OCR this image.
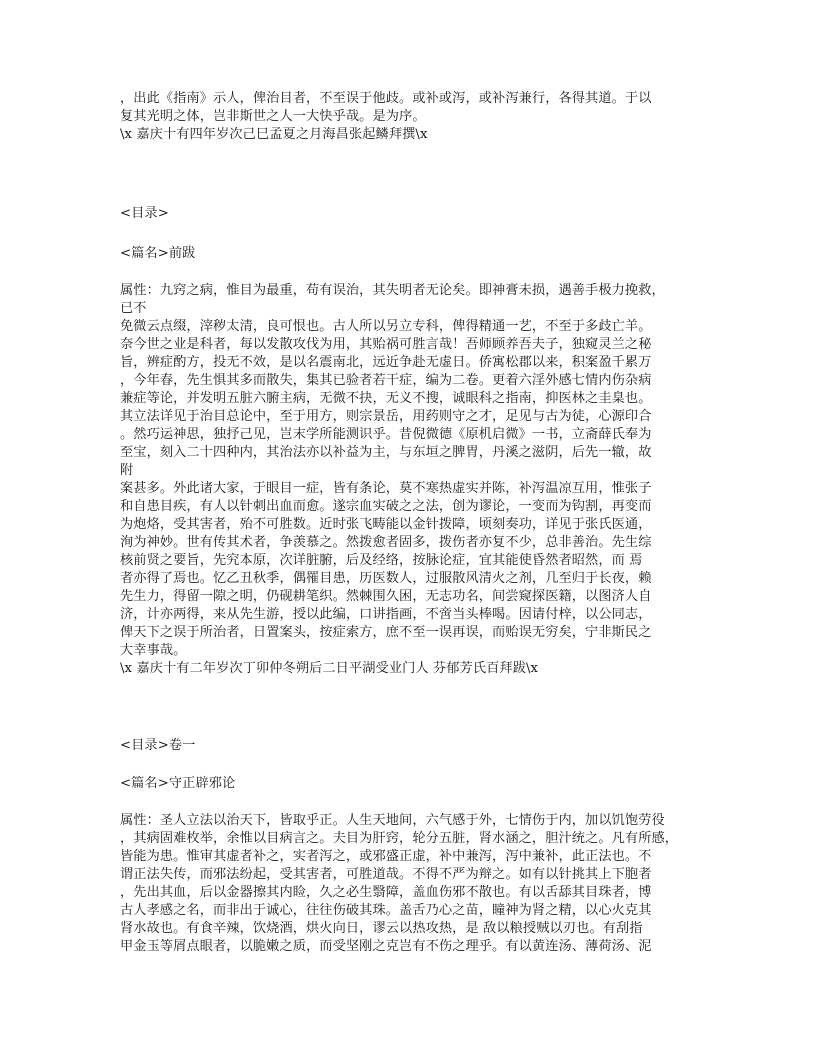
，出此《指南》示人，俾治目者，不至误于他歧。或补或泻，或补泻兼行，各得其道。于以
复其光明之体，岂非斯世之人一大快乎哉。是为序。
\x 嘉庆十有四年岁次己巳孟夏之月海昌张起鳞拜撰\x
<目录>
<篇名>前跋
属性：九窍之病，惟目为最重，苟有误治，其失明者无论矣。即神膏未损，遇善手极力挽救，
已不
免微云点缀，滓秽太清，良可恨也。古人所以另立专科，俾得精通一艺，不至于多歧亡羊。
奈今世之业是科者，每以发散攻伐为用，其贻祸可胜言哉！吾师顾养吾夫子，独窥灵兰之秘
旨，辨症酌方，投无不效，是以名震南北，远近争赴无虚日。侨寓松郡以来，积案盈千累万
，今年春，先生惧其多而散失，集其已验者若干症，编为二卷。更着六淫外感七情内伤杂病
兼症等论，并发明五脏六腑主病，无微不抉，无义不搜，诚眼科之指南，抑医林之圭臬也。
其立法详见于治目总论中，至于用方，则宗景岳，用药则守之才，足见与古为徒，心源印合
。然巧运神思，独抒己见，岂末学所能测识乎。昔倪微德《原机启微》一书，立斋薛氏奉为
至宝，刻入二十四种内，其治法亦以补益为主，与东垣之脾胃，丹溪之滋阴，后先一辙，故
附
案甚多。外此诸大家，于眼目一症，皆有条论，莫不寒热虚实并陈，补泻温凉互用，惟张子
和自患目疾，有人以针刺出血而愈。遂宗血实破之之法，创为谬论，一变而为钩割，再变而
为炮烙，受其害者，殆不可胜数。近时张飞畴能以金针拨障，顷刻奏功，详见于张氏医通，
洵为神妙。世有传其术者，争羡慕之。然拨愈者固多，拨伤者亦复不少，总非善治。先生综
核前贤之要旨，先究本原，次详脏腑，后及经络，按脉论症，宜其能使昏然者昭然，而 焉
者亦得了焉也。忆乙丑秋季，偶罹目患，历医数人，过服散风清火之剂，几至归于长夜，赖
先生力，得留一隙之明，仍砚耕笔织。然棘围久困，无志功名，间尝窥探医籍，以图济人自
济，计亦两得，来从先生游，授以此编，口讲指画，不啻当头棒喝。因请付梓，以公同志，
俾天下之误于所治者，日置案头，按症索方，庶不至一误再误，而贻误无穷矣，宁非斯民之
大幸事哉。
\x 嘉庆十有二年岁次丁卯仲冬朔后二日平湖受业门人 芬郁芳氏百拜跋\x
<目录>卷一
<篇名>守正辟邪论
属性：圣人立法以治天下，皆取乎正。人生天地间，六气感于外，七情伤于内，加以饥饱劳役
，其病固难枚举，余惟以目病言之。夫目为肝窍，轮分五脏，肾水涵之，胆汁统之。凡有所感，
皆能为患。惟审其虚者补之，实者泻之，或邪盛正虚，补中兼泻，泻中兼补，此正法也。不
谓正法失传，而邪法纷起，受其害者，可胜道哉。不得不严为辩之。如有以针挑其上下胞者
，先出其血，后以金器擦其内睑，久之必生翳障，盖血伤邪不散也。有以舌舔其目珠者，博
古人孝感之名，而非出于诚心，往往伤破其珠。盖舌乃心之苗，瞳神为肾之精，以心火克其
肾水故也。有食辛辣，饮烧酒，烘火向日，谬云以热攻热，是 敌以粮授贼以刃也。有刮指
甲金玉等屑点眼者，以脆嫩之质，而受坚刚之克岂有不伤之理乎。有以黄连汤、薄荷汤、泥
